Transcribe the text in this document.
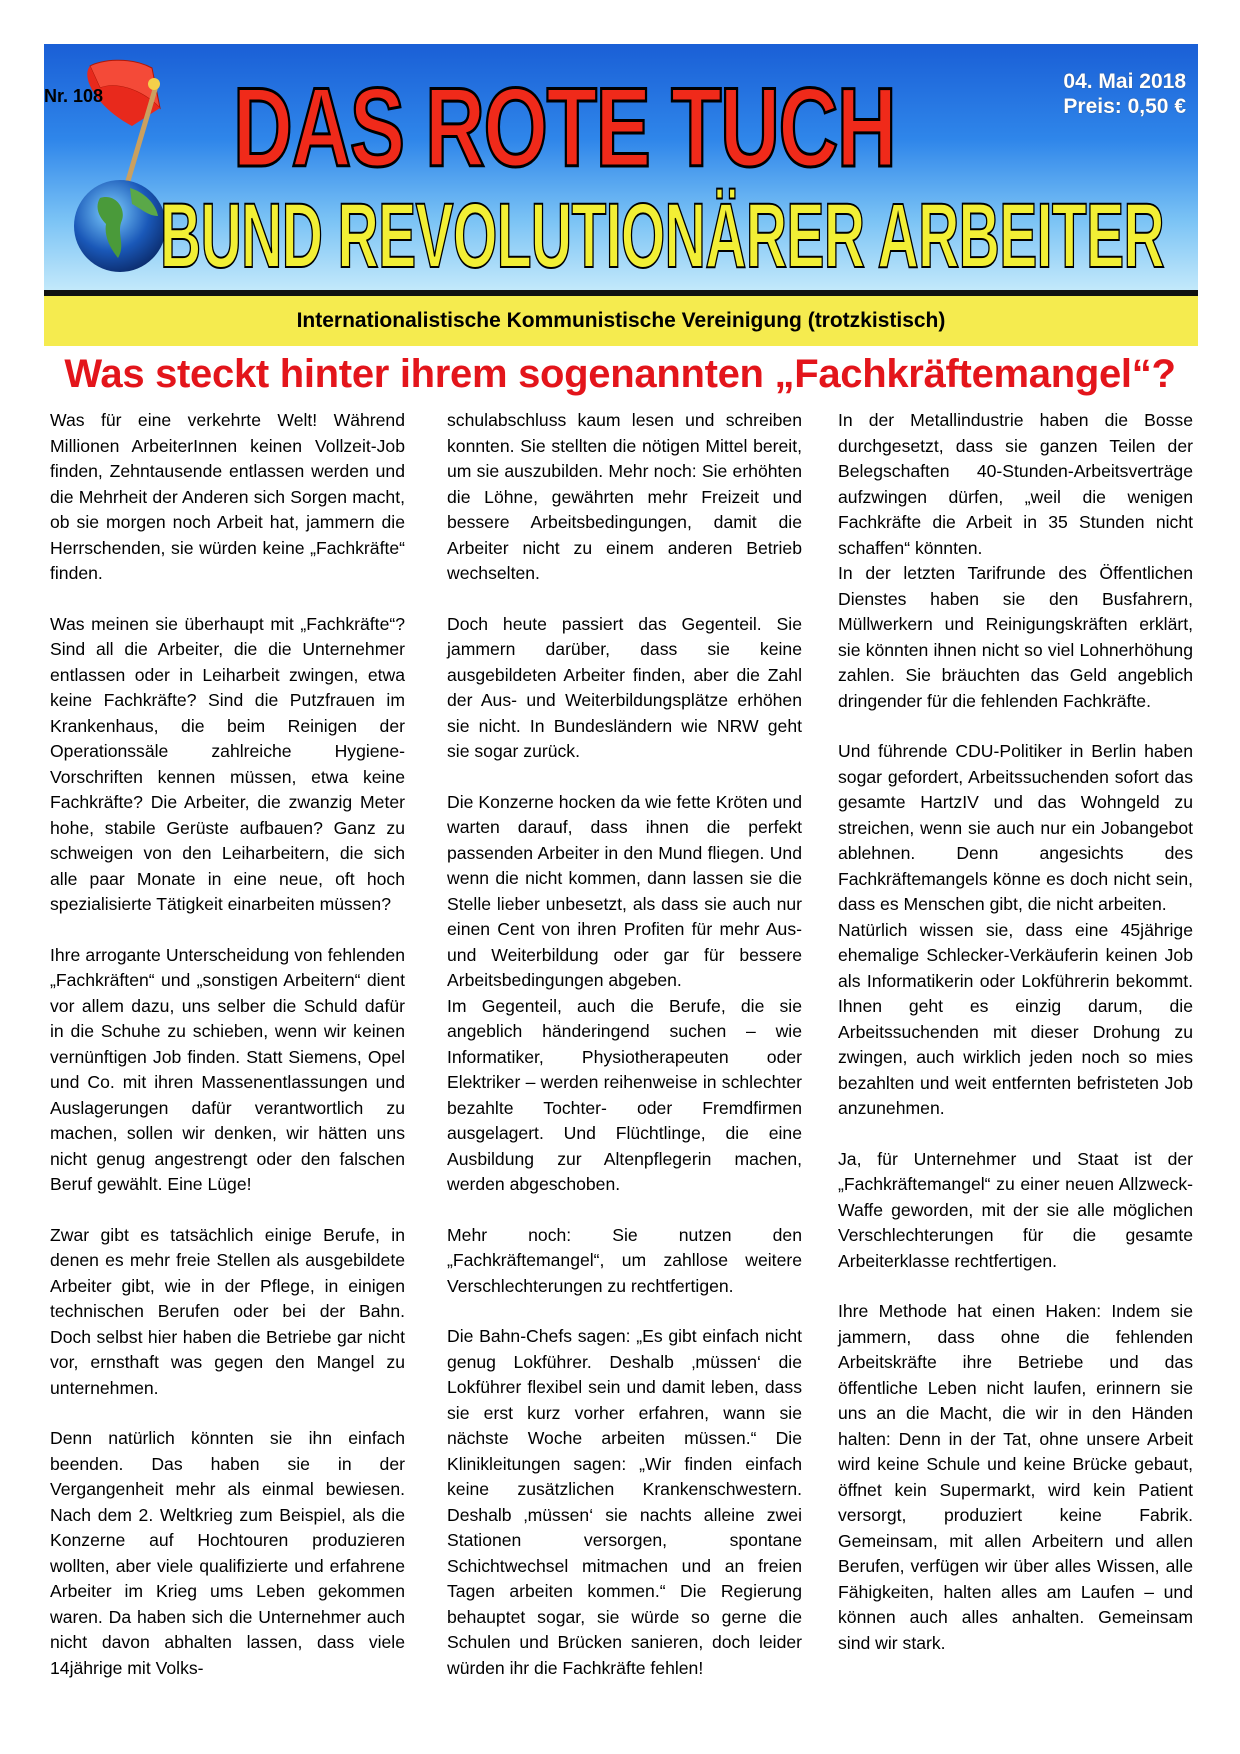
Nr. 108 DAS ROTE TUCH
BUND REVOLUTIONÄRER ARBEITER
04. Mai 2018
Preis: 0,50 €
Internationalistische Kommunistische Vereinigung (trotzkistisch)
Was steckt hinter ihrem sogenannten „Fachkräftemangel“?

Was für eine verkehrte Welt! Während Millionen ArbeiterInnen keinen Vollzeit-Job finden, Zehntausende entlassen werden und die Mehrheit der Anderen sich Sorgen macht, ob sie morgen noch Arbeit hat, jammern die Herrschenden, sie würden keine „Fachkräfte“ finden.

Was meinen sie überhaupt mit „Fachkräfte“? Sind all die Arbeiter, die die Unternehmer entlassen oder in Leiharbeit zwingen, etwa keine Fachkräfte? Sind die Putzfrauen im Krankenhaus, die beim Reinigen der Operationssäle zahlreiche Hygiene-Vorschriften kennen müssen, etwa keine Fachkräfte? Die Arbeiter, die zwanzig Meter hohe, stabile Gerüste aufbauen? Ganz zu schweigen von den Leiharbeitern, die sich alle paar Monate in eine neue, oft hoch spezialisierte Tätigkeit einarbeiten müssen?

Ihre arrogante Unterscheidung von fehlenden „Fachkräften“ und „sonstigen Arbeitern“ dient vor allem dazu, uns selber die Schuld dafür in die Schuhe zu schieben, wenn wir keinen vernünftigen Job finden. Statt Siemens, Opel und Co. mit ihren Massenentlassungen und Auslagerungen dafür verantwortlich zu machen, sollen wir denken, wir hätten uns nicht genug angestrengt oder den falschen Beruf gewählt. Eine Lüge!

Zwar gibt es tatsächlich einige Berufe, in denen es mehr freie Stellen als ausgebildete Arbeiter gibt, wie in der Pflege, in einigen technischen Berufen oder bei der Bahn. Doch selbst hier haben die Betriebe gar nicht vor, ernsthaft was gegen den Mangel zu unternehmen.

Denn natürlich könnten sie ihn einfach beenden. Das haben sie in der Vergangenheit mehr als einmal bewiesen. Nach dem 2. Weltkrieg zum Beispiel, als die Konzerne auf Hochtouren produzieren wollten, aber viele qualifizierte und erfahrene Arbeiter im Krieg ums Leben gekommen waren. Da haben sich die Unternehmer auch nicht davon abhalten lassen, dass viele 14jährige mit Volks-

schulabschluss kaum lesen und schreiben konnten. Sie stellten die nötigen Mittel bereit, um sie auszubilden. Mehr noch: Sie erhöhten die Löhne, gewährten mehr Freizeit und bessere Arbeitsbedingungen, damit die Arbeiter nicht zu einem anderen Betrieb wechselten.

Doch heute passiert das Gegenteil. Sie jammern darüber, dass sie keine ausgebildeten Arbeiter finden, aber die Zahl der Aus- und Weiterbildungsplätze erhöhen sie nicht. In Bundesländern wie NRW geht sie sogar zurück.

Die Konzerne hocken da wie fette Kröten und warten darauf, dass ihnen die perfekt passenden Arbeiter in den Mund fliegen. Und wenn die nicht kommen, dann lassen sie die Stelle lieber unbesetzt, als dass sie auch nur einen Cent von ihren Profiten für mehr Aus- und Weiterbildung oder gar für bessere Arbeitsbedingungen abgeben.

Im Gegenteil, auch die Berufe, die sie angeblich händeringend suchen – wie Informatiker, Physiotherapeuten oder Elektriker – werden reihenweise in schlechter bezahlte Tochter- oder Fremdfirmen ausgelagert. Und Flüchtlinge, die eine Ausbildung zur Altenpflegerin machen, werden abgeschoben.

Mehr noch: Sie nutzen den „Fachkräftemangel“, um zahllose weitere Verschlechterungen zu rechtfertigen.

Die Bahn-Chefs sagen: „Es gibt einfach nicht genug Lokführer. Deshalb ‚müssen‘ die Lokführer flexibel sein und damit leben, dass sie erst kurz vorher erfahren, wann sie nächste Woche arbeiten müssen.“ Die Klinikleitungen sagen: „Wir finden einfach keine zusätzlichen Krankenschwestern. Deshalb ‚müssen‘ sie nachts alleine zwei Stationen versorgen, spontane Schichtwechsel mitmachen und an freien Tagen arbeiten kommen.“ Die Regierung behauptet sogar, sie würde so gerne die Schulen und Brücken sanieren, doch leider würden ihr die Fachkräfte fehlen!

In der Metallindustrie haben die Bosse durchgesetzt, dass sie ganzen Teilen der Belegschaften 40-Stunden-Arbeitsverträge aufzwingen dürfen, „weil die wenigen Fachkräfte die Arbeit in 35 Stunden nicht schaffen“ könnten.

In der letzten Tarifrunde des Öffentlichen Dienstes haben sie den Busfahrern, Müllwerkern und Reinigungskräften erklärt, sie könnten ihnen nicht so viel Lohnerhöhung zahlen. Sie bräuchten das Geld angeblich dringender für die fehlenden Fachkräfte.

Und führende CDU-Politiker in Berlin haben sogar gefordert, Arbeitssuchenden sofort das gesamte HartzIV und das Wohngeld zu streichen, wenn sie auch nur ein Jobangebot ablehnen. Denn angesichts des Fachkräftemangels könne es doch nicht sein, dass es Menschen gibt, die nicht arbeiten.

Natürlich wissen sie, dass eine 45jährige ehemalige Schlecker-Verkäuferin keinen Job als Informatikerin oder Lokführerin bekommt. Ihnen geht es einzig darum, die Arbeitssuchenden mit dieser Drohung zu zwingen, auch wirklich jeden noch so mies bezahlten und weit entfernten befristeten Job anzunehmen.

Ja, für Unternehmer und Staat ist der „Fachkräftemangel“ zu einer neuen Allzweck-Waffe geworden, mit der sie alle möglichen Verschlechterungen für die gesamte Arbeiterklasse rechtfertigen.

Ihre Methode hat einen Haken: Indem sie jammern, dass ohne die fehlenden Arbeitskräfte ihre Betriebe und das öffentliche Leben nicht laufen, erinnern sie uns an die Macht, die wir in den Händen halten: Denn in der Tat, ohne unsere Arbeit wird keine Schule und keine Brücke gebaut, öffnet kein Supermarkt, wird kein Patient versorgt, produziert keine Fabrik. Gemeinsam, mit allen Arbeitern und allen Berufen, verfügen wir über alles Wissen, alle Fähigkeiten, halten alles am Laufen – und können auch alles anhalten. Gemeinsam sind wir stark.
